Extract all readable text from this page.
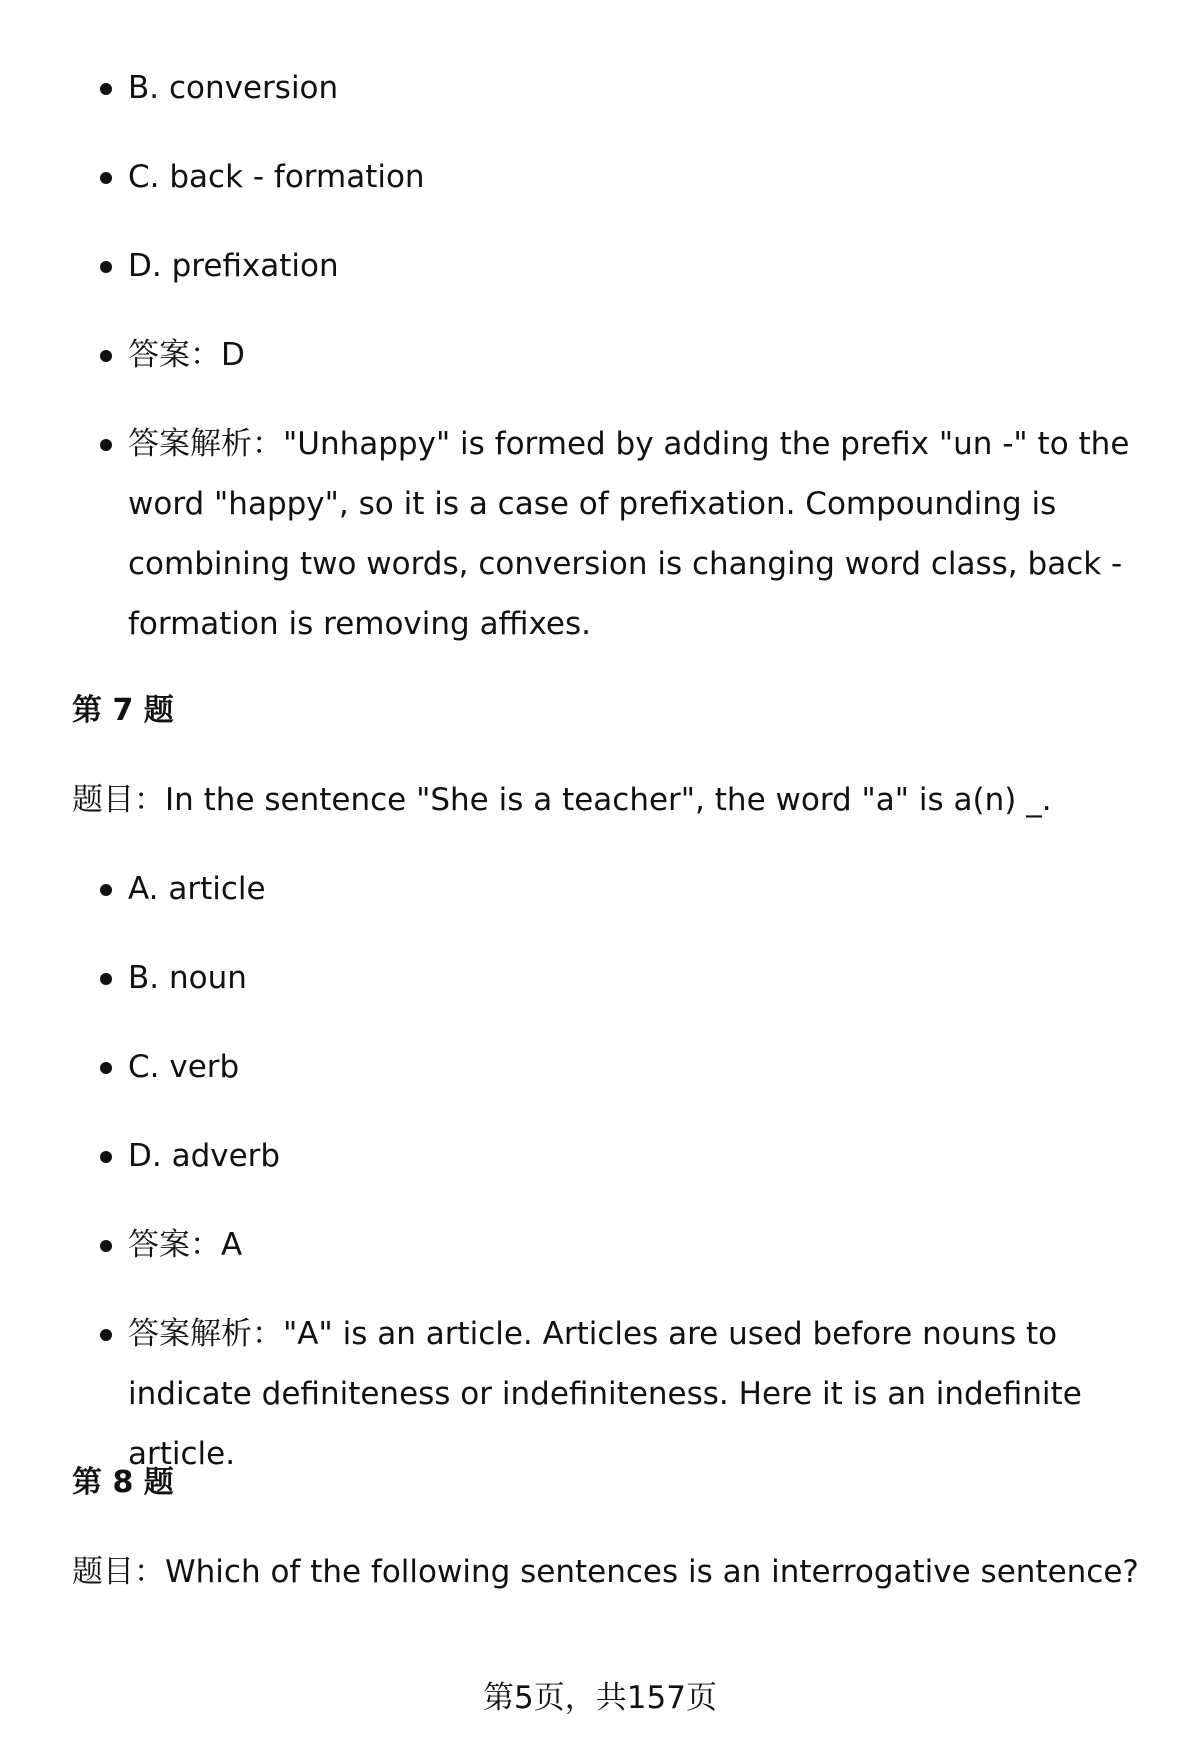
B. conversion
C. back - formation
D. prefixation
答案：D
答案解析："Unhappy" is formed by adding the prefix "un -" to the word "happy", so it is a case of prefixation. Compounding is combining two words, conversion is changing word class, back - formation is removing affixes.
第 7 题
题目：In the sentence "She is a teacher", the word "a" is a(n) _.
A. article
B. noun
C. verb
D. adverb
答案：A
答案解析："A" is an article. Articles are used before nouns to indicate definiteness or indefiniteness. Here it is an indefinite article.
第 8 题
题目：Which of the following sentences is an interrogative sentence?
第5页，共157页
